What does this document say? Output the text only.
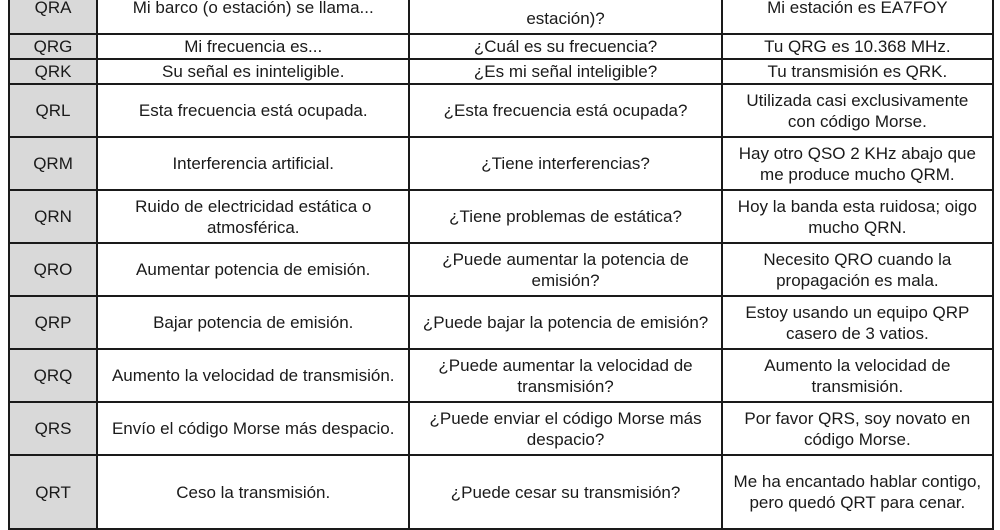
QRA	Mi barco (o estación) se llama...	estación)?	Mi estación es EA7FOY
QRG	Mi frecuencia es...	¿Cuál es su frecuencia?	Tu QRG es 10.368 MHz.
QRK	Su señal es ininteligible.	¿Es mi señal inteligible?	Tu transmisión es QRK.
QRL	Esta frecuencia está ocupada.	¿Esta frecuencia está ocupada?	Utilizada casi exclusivamente con código Morse.
QRM	Interferencia artificial.	¿Tiene interferencias?	Hay otro QSO 2 KHz abajo que me produce mucho QRM.
QRN	Ruido de electricidad estática o atmosférica.	¿Tiene problemas de estática?	Hoy la banda esta ruidosa; oigo mucho QRN.
QRO	Aumentar potencia de emisión.	¿Puede aumentar la potencia de emisión?	Necesito QRO cuando la propagación es mala.
QRP	Bajar potencia de emisión.	¿Puede bajar la potencia de emisión?	Estoy usando un equipo QRP casero de 3 vatios.
QRQ	Aumento la velocidad de transmisión.	¿Puede aumentar la velocidad de transmisión?	Aumento la velocidad de transmisión.
QRS	Envío el código Morse más despacio.	¿Puede enviar el código Morse más despacio?	Por favor QRS, soy novato en código Morse.
QRT	Ceso la transmisión.	¿Puede cesar su transmisión?	Me ha encantado hablar contigo, pero quedó QRT para cenar.
